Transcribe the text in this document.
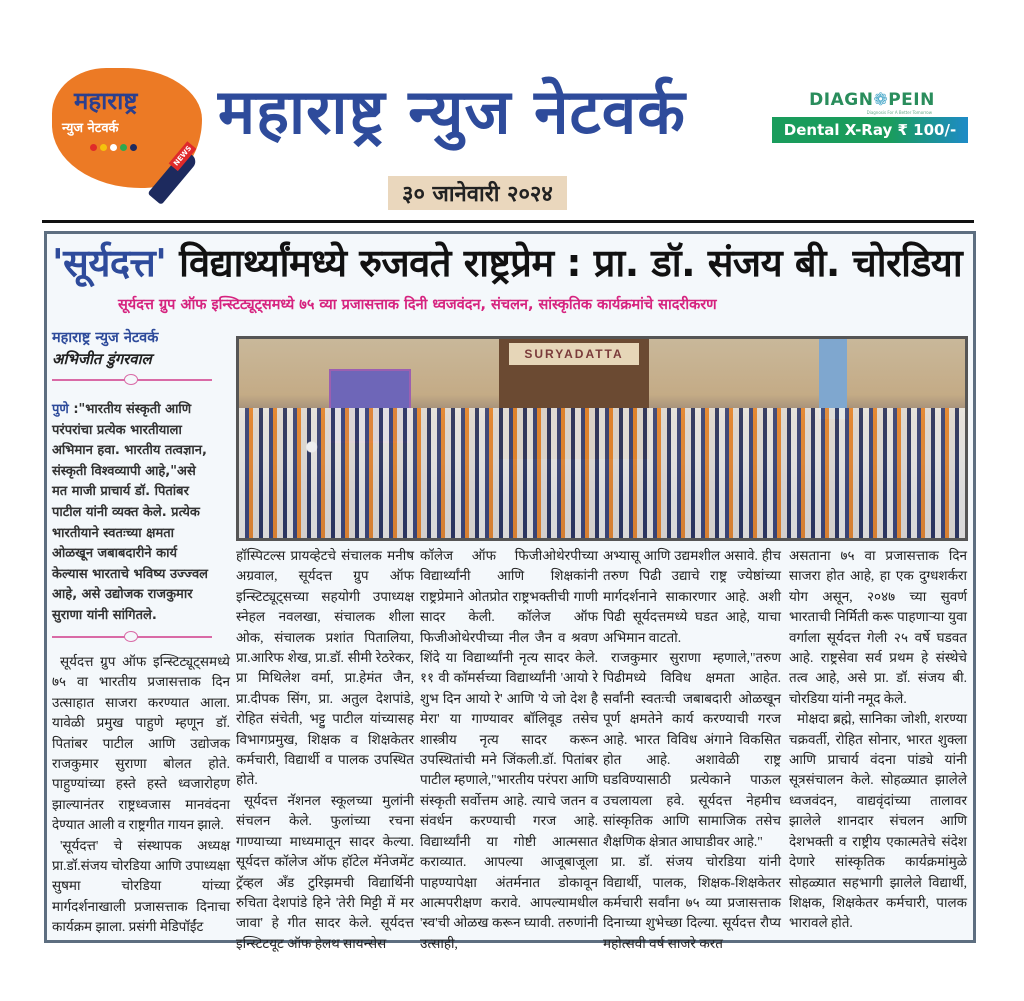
महाराष्ट्र
न्युज नेटवर्क
NEWS
महाराष्ट्र न्युज नेटवर्क
३० जानेवारी २०२४
DIAGN❁PEIN
Diagnosis For A Better Tomorrow
Dental X-Ray ₹ 100/-
'सूर्यदत्त' विद्यार्थ्यांमध्ये रुजवते राष्ट्रप्रेम : प्रा. डॉ. संजय बी. चोरडिया
सूर्यदत्त ग्रुप ऑफ इन्स्टिट्यूट्समध्ये ७५ व्या प्रजासत्ताक दिनी ध्वजवंदन, संचलन, सांस्कृतिक कार्यक्रमांचे सादरीकरण
महाराष्ट्र न्युज नेटवर्क
अभिजीत डुंगरवाल
पुणे :"भारतीय संस्कृती आणि परंपरांचा प्रत्येक भारतीयाला अभिमान हवा. भारतीय तत्वज्ञान, संस्कृती विश्वव्यापी आहे,"असे मत माजी प्राचार्य डॉ. पितांबर पाटील यांनी व्यक्त केले. प्रत्येक भारतीयाने स्वतःच्या क्षमता ओळखून जबाबदारीने कार्य केल्यास भारताचे भविष्य उज्ज्वल आहे, असे उद्योजक राजकुमार सुराणा यांनी सांगितले.
SURYADATTA

सूर्यदत्त ग्रुप ऑफ इन्स्टिट्यूट्समध्ये ७५ वा भारतीय प्रजासत्ताक दिन उत्साहात साजरा करण्यात आला. यावेळी प्रमुख पाहुणे म्हणून डॉ. पितांबर पाटील आणि उद्योजक राजकुमार सुराणा बोलत होते. पाहुण्यांच्या हस्ते हस्ते ध्वजारोहण झाल्यानंतर राष्ट्रध्वजास मानवंदना देण्यात आली व राष्ट्रगीत गायन झाले.

'सूर्यदत्त' चे संस्थापक अध्यक्ष प्रा.डॉ.संजय चोरडिया आणि उपाध्यक्षा सुषमा चोरडिया यांच्या मार्गदर्शनाखाली प्रजासत्ताक दिनाचा कार्यक्रम झाला. प्रसंगी मेडिपॉईंट

हॉस्पिटल्स प्रायव्हेटचे संचालक मनीष अग्रवाल, सूर्यदत्त ग्रुप ऑफ इन्स्टिट्यूट्सच्या सहयोगी उपाध्यक्ष स्नेहल नवलखा, संचालक शीला ओक, संचालक प्रशांत पितालिया, प्रा.आरिफ शेख, प्रा.डॉ. सीमी रेठरेकर, प्रा मिथिलेश वर्मा, प्रा.हेमंत जैन, प्रा.दीपक सिंग, प्रा. अतुल देशपांडे, रोहित संचेती, भट्टु पाटील यांच्यासह विभागप्रमुख, शिक्षक व शिक्षकेतर कर्मचारी, विद्यार्थी व पालक उपस्थित होते.

सूर्यदत्त नॅशनल स्कूलच्या मुलांनी संचलन केले. फुलांच्या रचना गाण्याच्या माध्यमातून सादर केल्या. सूर्यदत्त कॉलेज ऑफ हॉटेल मॅनेजमेंट ट्रॅव्हल अँड टुरिझमची विद्यार्थिनी रुचिता देशपांडे हिने 'तेरी मिट्टी में मर जावा' हे गीत सादर केले. सूर्यदत्त इन्स्टिटयूट ऑफ हेलथ सायन्सेस

कॉलेज ऑफ फिजीओथेरपीच्या विद्यार्थ्यांनी आणि शिक्षकांनी राष्ट्रप्रेमाने ओतप्रोत राष्ट्रभक्तीची गाणी सादर केली. कॉलेज ऑफ फिजीओथेरपीच्या नील जैन व श्रवण शिंदे या विद्यार्थ्यांनी नृत्य सादर केले. ११ वी कॉमर्सच्या विद्यार्थ्यांनी 'आयो रे शुभ दिन आयो रे' आणि 'ये जो देश है मेरा' या गाण्यावर बॉलिवूड तसेच शास्त्रीय नृत्य सादर करून उपस्थितांची मने जिंकली.डॉ. पितांबर पाटील म्हणाले,"भारतीय परंपरा आणि संस्कृती सर्वोत्तम आहे. त्याचे जतन व संवर्धन करण्याची गरज आहे. विद्यार्थ्यांनी या गोष्टी आत्मसात कराव्यात. आपल्या आजूबाजूला पाहण्यापेक्षा अंतर्मनात डोकावून आत्मपरीक्षण करावे. आपल्यामधील 'स्व'ची ओळख करून घ्यावी. तरुणांनी उत्साही,

अभ्यासू आणि उद्यमशील असावे. हीच तरुण पिढी उद्याचे राष्ट्र ज्येष्ठांच्या मार्गदर्शनाने साकारणार आहे. अशी पिढी सूर्यदत्तमध्ये घडत आहे, याचा अभिमान वाटतो.

राजकुमार सुराणा म्हणाले,"तरुण पिढीमध्ये विविध क्षमता आहेत. सर्वांनी स्वतःची जबाबदारी ओळखून पूर्ण क्षमतेने कार्य करण्याची गरज आहे. भारत विविध अंगाने विकसित होत आहे. अशावेळी राष्ट्र घडविण्यासाठी प्रत्येकाने पाऊल उचलायला हवे. सूर्यदत्त नेहमीच सांस्कृतिक आणि सामाजिक तसेच शैक्षणिक क्षेत्रात आघाडीवर आहे."

प्रा. डॉ. संजय चोरडिया यांनी विद्यार्थी, पालक, शिक्षक-शिक्षकेतर कर्मचारी सर्वांना ७५ व्या प्रजासत्ताक दिनाच्या शुभेच्छा दिल्या. सूर्यदत्त रौप्य महोत्सवी वर्ष साजरे करत

असताना ७५ वा प्रजासत्ताक दिन साजरा होत आहे, हा एक दुग्धशर्करा योग असून, २०४७ च्या सुवर्ण भारताची निर्मिती करू पाहणाऱ्या युवा वर्गाला सूर्यदत्त गेली २५ वर्षे घडवत आहे. राष्ट्रसेवा सर्व प्रथम हे संस्थेचे तत्व आहे, असे प्रा. डॉ. संजय बी. चोरडिया यांनी नमूद केले.

मोक्षदा ब्रह्मे, सानिका जोशी, शरण्या चक्रवर्ती, रोहित सोनार, भारत शुक्ला आणि प्राचार्य वंदना पांड्ये यांनी सूत्रसंचालन केले. सोहळ्यात झालेले ध्वजवंदन, वाद्यवृंदांच्या तालावर झालेले शानदार संचलन आणि देशभक्ती व राष्ट्रीय एकात्मतेचे संदेश देणारे सांस्कृतिक कार्यक्रमांमुळे सोहळ्यात सहभागी झालेले विद्यार्थी, शिक्षक, शिक्षकेतर कर्मचारी, पालक भारावले होते.
